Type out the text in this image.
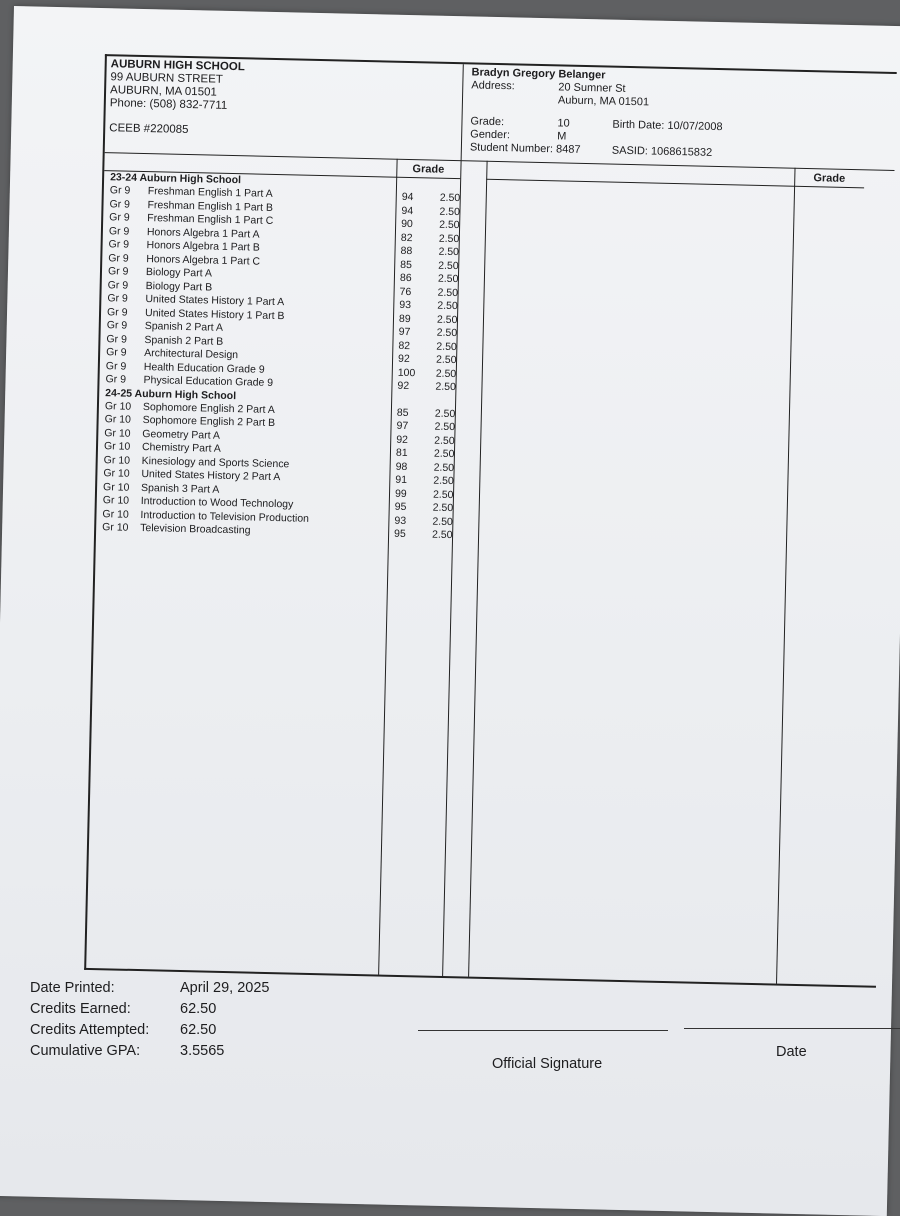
AUBURN HIGH SCHOOL
99 AUBURN STREET
AUBURN, MA 01501
Phone: (508) 832-7711
CEEB #220085
Bradyn Gregory Belanger
Address:	20 Sumner St
Auburn, MA 01501
Grade:	10	Birth Date: 10/07/2008
Gender:	M
Student Number: 8487	SASID: 1068615832
Grade
Grade
23-24 Auburn High School
Gr 9 Freshman English 1 Part A	94 2.50
Gr 9 Freshman English 1 Part B	94 2.50
Gr 9 Freshman English 1 Part C	90 2.50
Gr 9 Honors Algebra 1 Part A	82 2.50
Gr 9 Honors Algebra 1 Part B	88 2.50
Gr 9 Honors Algebra 1 Part C	85 2.50
Gr 9 Biology Part A	86 2.50
Gr 9 Biology Part B	76 2.50
Gr 9 United States History 1 Part A	93 2.50
Gr 9 United States History 1 Part B	89 2.50
Gr 9 Spanish 2 Part A	97 2.50
Gr 9 Spanish 2 Part B	82 2.50
Gr 9 Architectural Design	92 2.50
Gr 9 Health Education Grade 9	100 2.50
Gr 9 Physical Education Grade 9	92 2.50
24-25 Auburn High School
Gr 10 Sophomore English 2 Part A	85 2.50
Gr 10 Sophomore English 2 Part B	97 2.50
Gr 10 Geometry Part A	92 2.50
Gr 10 Chemistry Part A	81 2.50
Gr 10 Kinesiology and Sports Science	98 2.50
Gr 10 United States History 2 Part A	91 2.50
Gr 10 Spanish 3 Part A	99 2.50
Gr 10 Introduction to Wood Technology	95 2.50
Gr 10 Introduction to Television Production	93 2.50
Gr 10 Television Broadcasting	95 2.50
Date Printed:	April 29, 2025
Credits Earned:	62.50
Credits Attempted: 62.50
Cumulative GPA:	3.5565
Official Signature
Date
